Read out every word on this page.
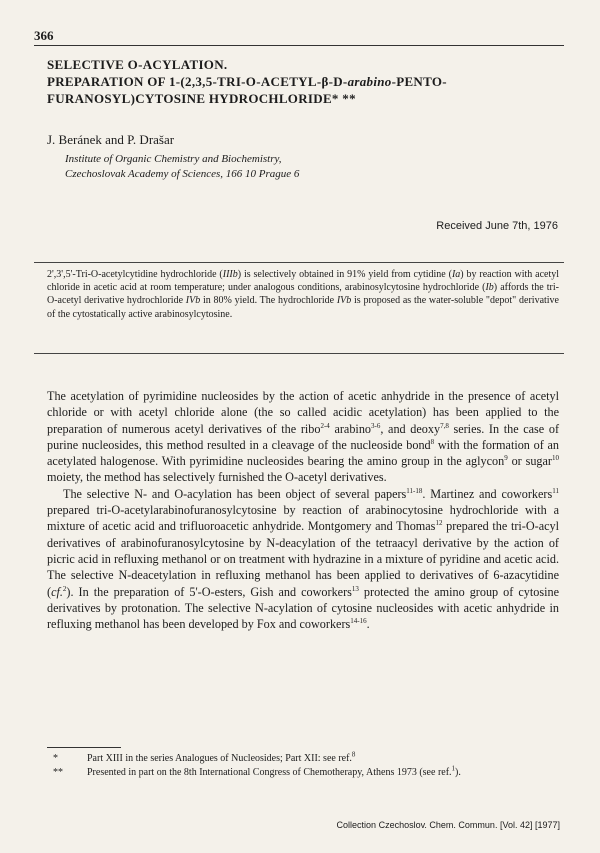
366
SELECTIVE O-ACYLATION.
PREPARATION OF 1-(2,3,5-TRI-O-ACETYL-β-D-arabino-PENTO-
FURANOSYL)CYTOSINE HYDROCHLORIDE* **
J. Beránek and P. Drašar
Institute of Organic Chemistry and Biochemistry,
Czechoslovak Academy of Sciences, 166 10 Prague 6
Received June 7th, 1976
2',3',5'-Tri-O-acetylcytidine hydrochloride (IIIb) is selectively obtained in 91% yield from cytidine (Ia) by reaction with acetyl chloride in acetic acid at room temperature; under analogous conditions, arabinosylcytosine hydrochloride (Ib) affords the tri-O-acetyl derivative hydrochloride IVb in 80% yield. The hydrochloride IVb is proposed as the water-soluble "depot" derivative of the cytostatically active arabinosylcytosine.

The acetylation of pyrimidine nucleosides by the action of acetic anhydride in the presence of acetyl chloride or with acetyl chloride alone (the so called acidic acetylation) has been applied to the preparation of numerous acetyl derivatives of the ribo$^{2-4}$ arabino$^{3-6}$, and deoxy$^{7,8}$ series. In the case of purine nucleosides, this method resulted in a cleavage of the nucleoside bond$^8$ with the formation of an acetylated halogenose. With pyrimidine nucleosides bearing the amino group in the aglycon$^9$ or sugar$^{10}$ moiety, the method has selectively furnished the O-acetyl derivatives.

The selective N- and O-acylation has been object of several papers$^{11-18}$. Martinez and coworkers$^{11}$ prepared tri-O-acetylarabinofuranosylcytosine by reaction of arabinocytosine hydrochloride with a mixture of acetic acid and trifluoroacetic anhydride. Montgomery and Thomas$^{12}$ prepared the tri-O-acyl derivatives of arabinofuranosylcytosine by N-deacylation of the tetraacyl derivative by the action of picric acid in refluxing methanol or on treatment with hydrazine in a mixture of pyridine and acetic acid. The selective N-deacetylation in refluxing methanol has been applied to derivatives of 6-azacytidine (cf.$^2$). In the preparation of 5'-O-esters, Gish and coworkers$^{13}$ protected the amino group of cytosine derivatives by protonation. The selective N-acylation of cytosine nucleosides with acetic anhydride in refluxing methanol has been developed by Fox and coworkers$^{14-16}$.

*	Part XIII in the series Analogues of Nucleosides; Part XII: see ref.$^8$
** Presented in part on the 8th International Congress of Chemotherapy, Athens 1973 (see ref.$^1$).
Collection Czechoslov. Chem. Commun. [Vol. 42] [1977]
